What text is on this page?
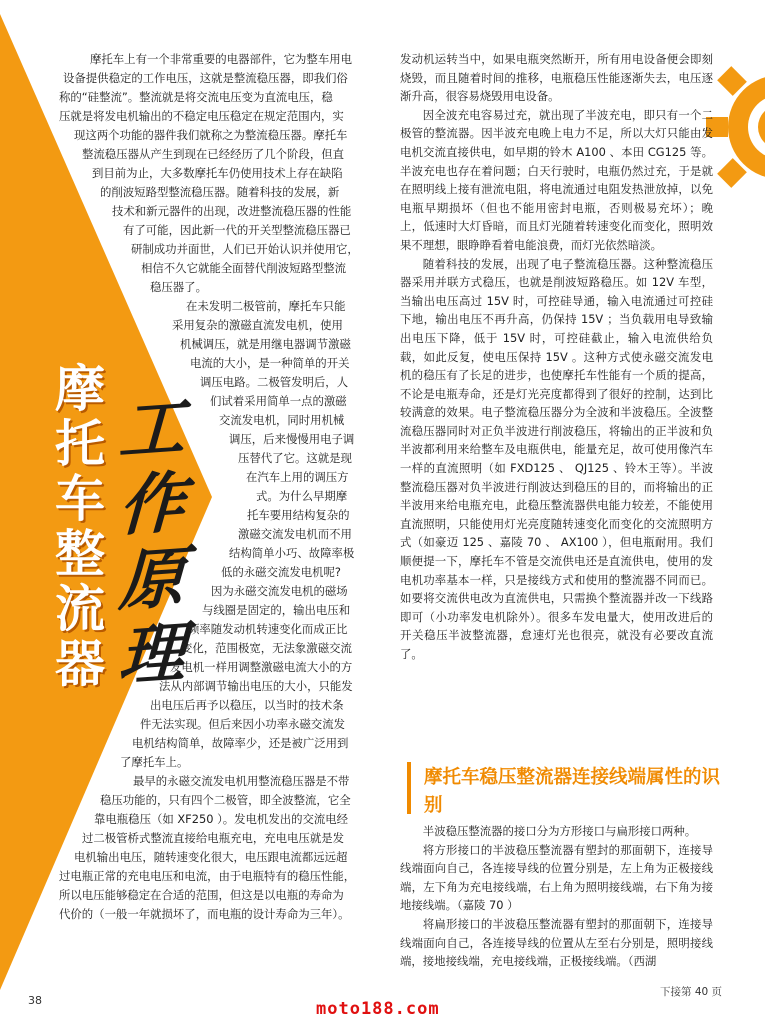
摩
托
车
整
流
器
工
作
原
理
摩托车上有一个非常重要的电器部件，它为整车用电
设备提供稳定的工作电压，这就是整流稳压器，即我们俗
称的“硅整流”。整流就是将交流电压变为直流电压，稳
压就是将发电机输出的不稳定电压稳定在规定范围内，实
现这两个功能的器件我们就称之为整流稳压器。摩托车
整流稳压器从产生到现在已经经历了几个阶段，但直
到目前为止，大多数摩托车仍使用技术上存在缺陷
的削波短路型整流稳压器。随着科技的发展，新
技术和新元器件的出现，改进整流稳压器的性能
有了可能，因此新一代的开关型整流稳压器已
研制成功并面世，人们已开始认识并使用它，
相信不久它就能全面替代削波短路型整流
稳压器了。
在未发明二极管前，摩托车只能
采用复杂的激磁直流发电机，使用
机械调压，就是用继电器调节激磁
电流的大小，是一种简单的开关
调压电路。二极管发明后，人
们试着采用简单一点的激磁
交流发电机，同时用机械
调压，后来慢慢用电子调
压替代了它。这就是现
在汽车上用的调压方
式。为什么早期摩
托车要用结构复杂的
激磁交流发电机而不用
结构简单小巧、故障率极
低的永磁交流发电机呢?
因为永磁交流发电机的磁场
与线圈是固定的，输出电压和
频率随发动机转速变化而成正比
变化，范围极宽，无法象激磁交流
发电机一样用调整激磁电流大小的方
法从内部调节输出电压的大小，只能发
出电压后再予以稳压，以当时的技术条
件无法实现。但后来因小功率永磁交流发
电机结构简单，故障率少，还是被广泛用到
了摩托车上。
最早的永磁交流发电机用整流稳压器是不带
稳压功能的，只有四个二极管，即全波整流，它全
靠电瓶稳压（如 XF250 ）。发电机发出的交流电经
过二极管桥式整流直接给电瓶充电，充电电压就是发
电机输出电压，随转速变化很大，电压跟电流都远远超
过电瓶正常的充电电压和电流，由于电瓶特有的稳压性能，
所以电压能够稳定在合适的范围，但这是以电瓶的寿命为
代价的（一般一年就损坏了，而电瓶的设计寿命为三年）。

发动机运转当中，如果电瓶突然断开，所有用电设备便会即刻烧毁，而且随着时间的推移，电瓶稳压性能逐渐失去，电压逐渐升高，很容易烧毁用电设备。

因全波充电容易过充，就出现了半波充电，即只有一个二极管的整流器。因半波充电晚上电力不足，所以大灯只能由发电机交流直接供电，如早期的铃木 A100 、本田 CG125 等。半波充电也存在着问题；白天行驶时，电瓶仍然过充，于是就在照明线上接有泄流电阻，将电流通过电阻发热泄放掉，以免电瓶早期损坏（但也不能用密封电瓶，否则极易充坏）；晚上，低速时大灯昏暗，而且灯光随着转速变化而变化，照明效果不理想，眼睁睁看着电能浪费，而灯光依然暗淡。

随着科技的发展，出现了电子整流稳压器。这种整流稳压器采用并联方式稳压，也就是削波短路稳压。如 12V 车型，当输出电压高过 15V 时，可控硅导通，输入电流通过可控硅下地，输出电压不再升高，仍保持 15V ；当负载用电导致输出电压下降，低于 15V 时，可控硅截止，输入电流供给负载，如此反复，使电压保持 15V 。这种方式使永磁交流发电机的稳压有了长足的进步，也使摩托车性能有一个质的提高，不论是电瓶寿命，还是灯光亮度都得到了很好的控制，达到比较满意的效果。电子整流稳压器分为全波和半波稳压。全波整流稳压器同时对正负半波进行削波稳压，将输出的正半波和负半波都利用来给整车及电瓶供电，能量充足，故可使用像汽车一样的直流照明（如 FXD125 、 QJ125 、铃木王等）。半波整流稳压器对负半波进行削波达到稳压的目的，而将输出的正半波用来给电瓶充电，此稳压整流器供电能力较差，不能使用直流照明，只能使用灯光亮度随转速变化而变化的交流照明方式（如豪迈 125 、嘉陵 70 、 AX100 ），但电瓶耐用。我们顺便提一下，摩托车不管是交流供电还是直流供电，使用的发电机功率基本一样，只是接线方式和使用的整流器不同而已。如要将交流供电改为直流供电，只需换个整流器并改一下线路即可（小功率发电机除外）。很多车发电量大，使用改进后的开关稳压半波整流器，怠速灯光也很亮，就没有必要改直流了。

摩托车稳压整流器连接线端属性的识别

半波稳压整流器的接口分为方形接口与扁形接口两种。

将方形接口的半波稳压整流器有塑封的那面朝下，连接导线端面向自己，各连接导线的位置分别是，左上角为正极接线端，左下角为充电接线端，右上角为照明接线端，右下角为接地接线端。（嘉陵 70 ）

将扁形接口的半波稳压整流器有塑封的那面朝下，连接导线端面向自己，各连接导线的位置从左至右分别是，照明接线端，接地接线端，充电接线端，正极接线端。（西湖

38
下接第 40 页
moto188.com
